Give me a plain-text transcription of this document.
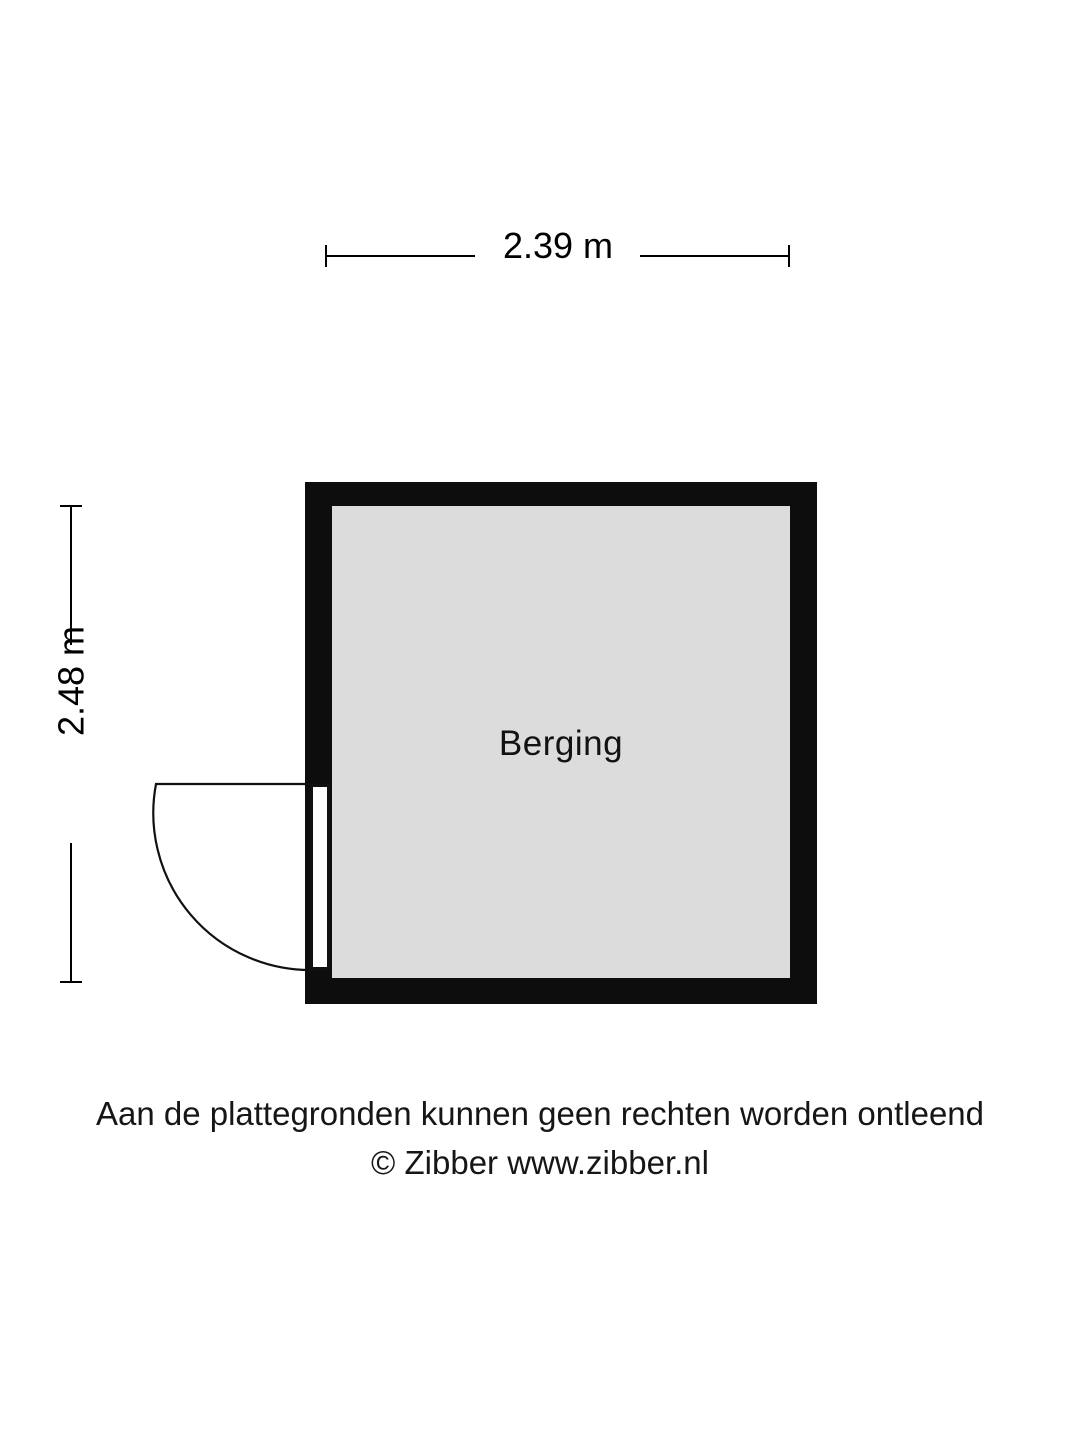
2.39 m
2.48 m
Berging
Aan de plattegronden kunnen geen rechten worden ontleend
© Zibber www.zibber.nl
